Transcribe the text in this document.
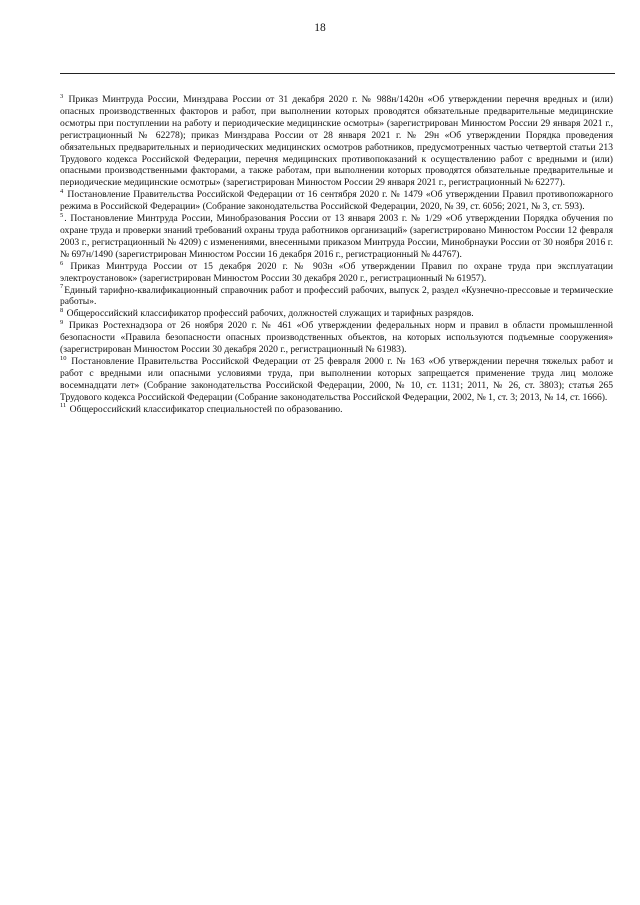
18

$^3$ Приказ Минтруда России, Минздрава России от 31 декабря 2020 г. № 988н/1420н «Об утверждении перечня вредных и (или) опасных производственных факторов и работ, при выполнении которых проводятся обязательные предварительные медицинские осмотры при поступлении на работу и периодические медицинские осмотры» (зарегистрирован Минюстом России 29 января 2021 г., регистрационный № 62278); приказ Минздрава России от 28 января 2021 г. № 29н «Об утверждении Порядка проведения обязательных предварительных и периодических медицинских осмотров работников, предусмотренных частью четвертой статьи 213 Трудового кодекса Российской Федерации, перечня медицинских противопоказаний к осуществлению работ с вредными и (или) опасными производственными факторами, а также работам, при выполнении которых проводятся обязательные предварительные и периодические медицинские осмотры» (зарегистрирован Минюстом России 29 января 2021 г., регистрационный № 62277).

$^4$ Постановление Правительства Российской Федерации от 16 сентября 2020 г. № 1479 «Об утверждении Правил противопожарного режима в Российской Федерации» (Собрание законодательства Российской Федерации, 2020, № 39, ст. 6056; 2021, № 3, ст. 593).

$^5$. Постановление Минтруда России, Минобразования России от 13 января 2003 г. № 1/29 «Об утверждении Порядка обучения по охране труда и проверки знаний требований охраны труда работников организаций» (зарегистрировано Минюстом России 12 февраля 2003 г., регистрационный № 4209) с изменениями, внесенными приказом Минтруда России, Минобрнауки России от 30 ноября 2016 г. № 697н/1490 (зарегистрирован Минюстом России 16 декабря 2016 г., регистрационный № 44767).

$^6$ Приказ Минтруда России от 15 декабря 2020 г. № 903н «Об утверждении Правил по охране труда при эксплуатации электроустановок» (зарегистрирован Минюстом России 30 декабря 2020 г., регистрационный № 61957).

$^7$Единый тарифно-квалификационный справочник работ и профессий рабочих, выпуск 2, раздел «Кузнечно-прессовые и термические работы».

$^8$ Общероссийский классификатор профессий рабочих, должностей служащих и тарифных разрядов.

$^9$ Приказ Ростехнадзора от 26 ноября 2020 г. № 461 «Об утверждении федеральных норм и правил в области промышленной безопасности «Правила безопасности опасных производственных объектов, на которых используются подъемные сооружения» (зарегистрирован Минюстом России 30 декабря 2020 г., регистрационный № 61983).

$^{10}$ Постановление Правительства Российской Федерации от 25 февраля 2000 г. № 163 «Об утверждении перечня тяжелых работ и работ с вредными или опасными условиями труда, при выполнении которых запрещается применение труда лиц моложе восемнадцати лет» (Собрание законодательства Российской Федерации, 2000, № 10, ст. 1131; 2011, № 26, ст. 3803); статья 265 Трудового кодекса Российской Федерации (Собрание законодательства Российской Федерации, 2002, № 1, ст. 3; 2013, № 14, ст. 1666).

$^{11}$ Общероссийский классификатор специальностей по образованию.
